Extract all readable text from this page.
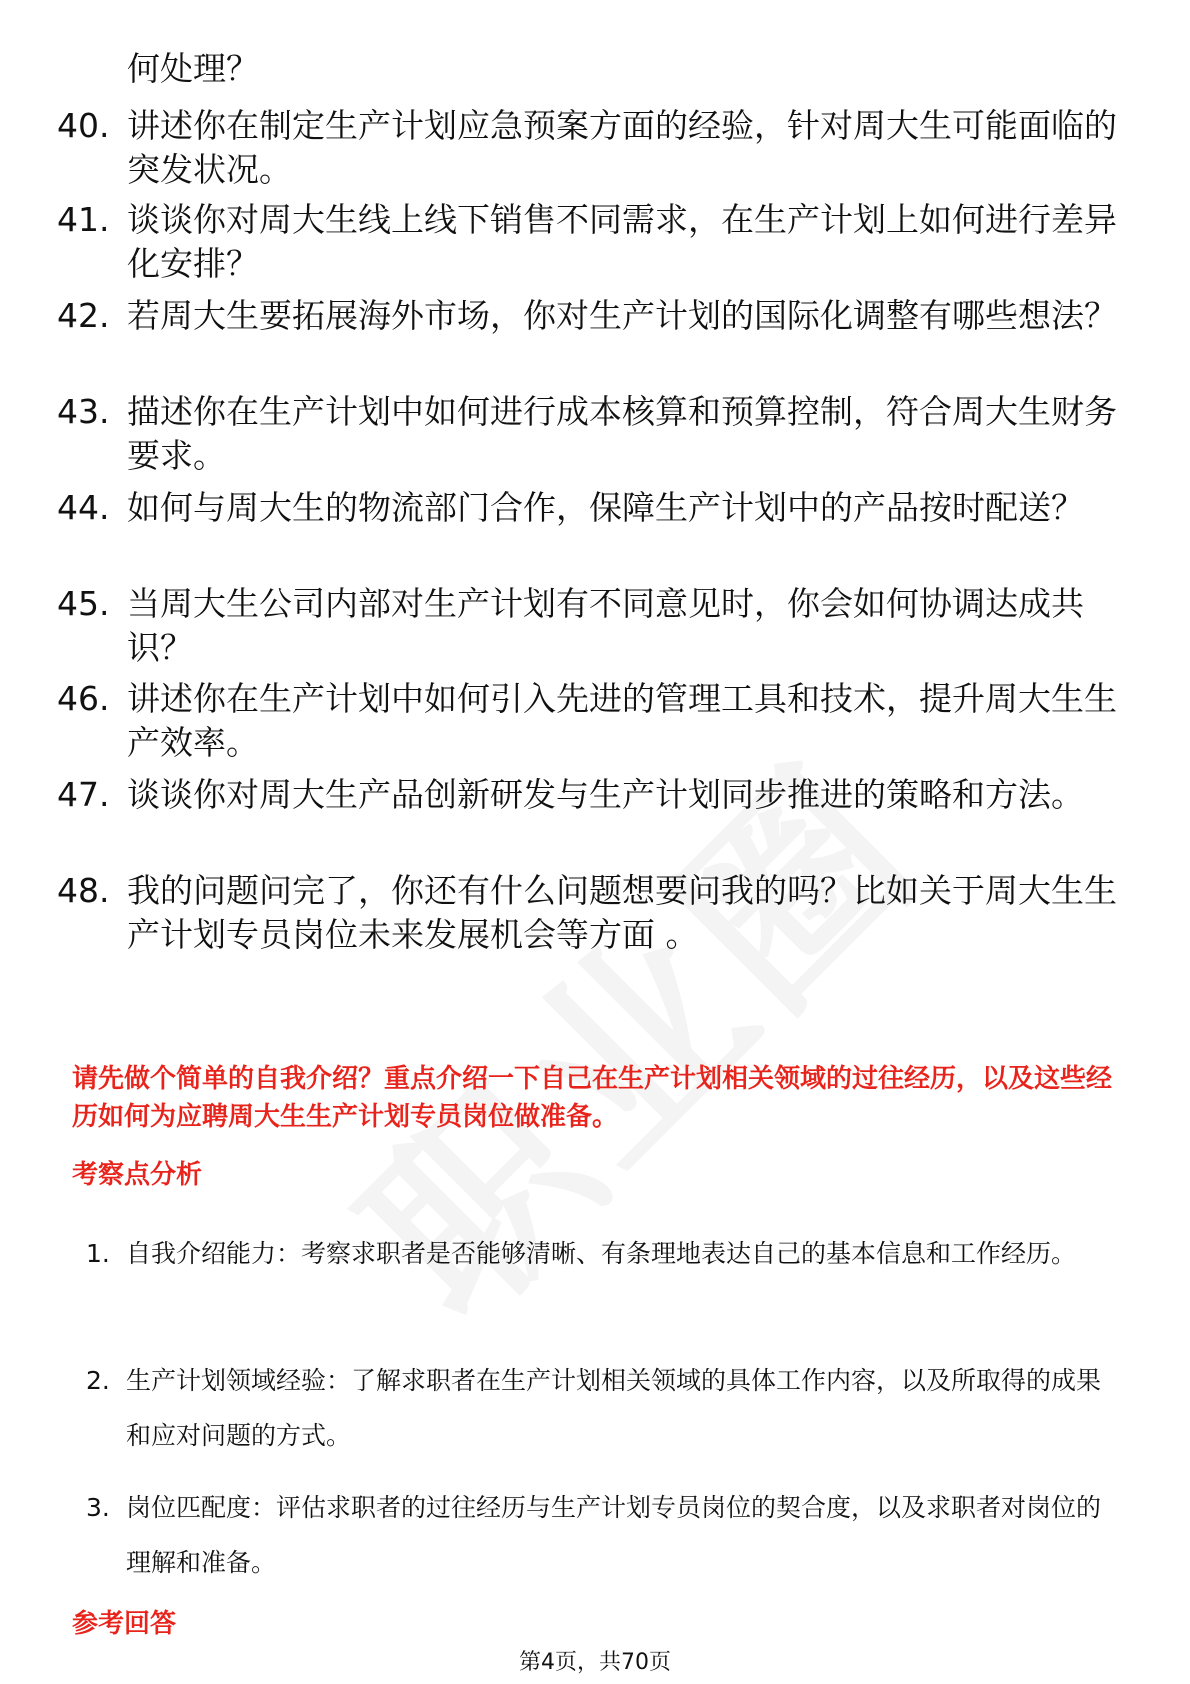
何处理？
40. 讲述你在制定生产计划应急预案方面的经验，针对周大生可能面临的突发状况。
41. 谈谈你对周大生线上线下销售不同需求，在生产计划上如何进行差异化安排？
42. 若周大生要拓展海外市场，你对生产计划的国际化调整有哪些想法？
43. 描述你在生产计划中如何进行成本核算和预算控制，符合周大生财务要求。
44. 如何与周大生的物流部门合作，保障生产计划中的产品按时配送？
45. 当周大生公司内部对生产计划有不同意见时，你会如何协调达成共识？
46. 讲述你在生产计划中如何引入先进的管理工具和技术，提升周大生生产效率。
47. 谈谈你对周大生产品创新研发与生产计划同步推进的策略和方法。
48. 我的问题问完了，你还有什么问题想要问我的吗？比如关于周大生生产计划专员岗位未来发展机会等方面 。
请先做个简单的自我介绍？重点介绍一下自己在生产计划相关领域的过往经历，以及这些经历如何为应聘周大生生产计划专员岗位做准备。
考察点分析
1. 自我介绍能力：考察求职者是否能够清晰、有条理地表达自己的基本信息和工作经历。
2. 生产计划领域经验：了解求职者在生产计划相关领域的具体工作内容，以及所取得的成果和应对问题的方式。
3. 岗位匹配度：评估求职者的过往经历与生产计划专员岗位的契合度，以及求职者对岗位的理解和准备。
参考回答
第4页，共70页
